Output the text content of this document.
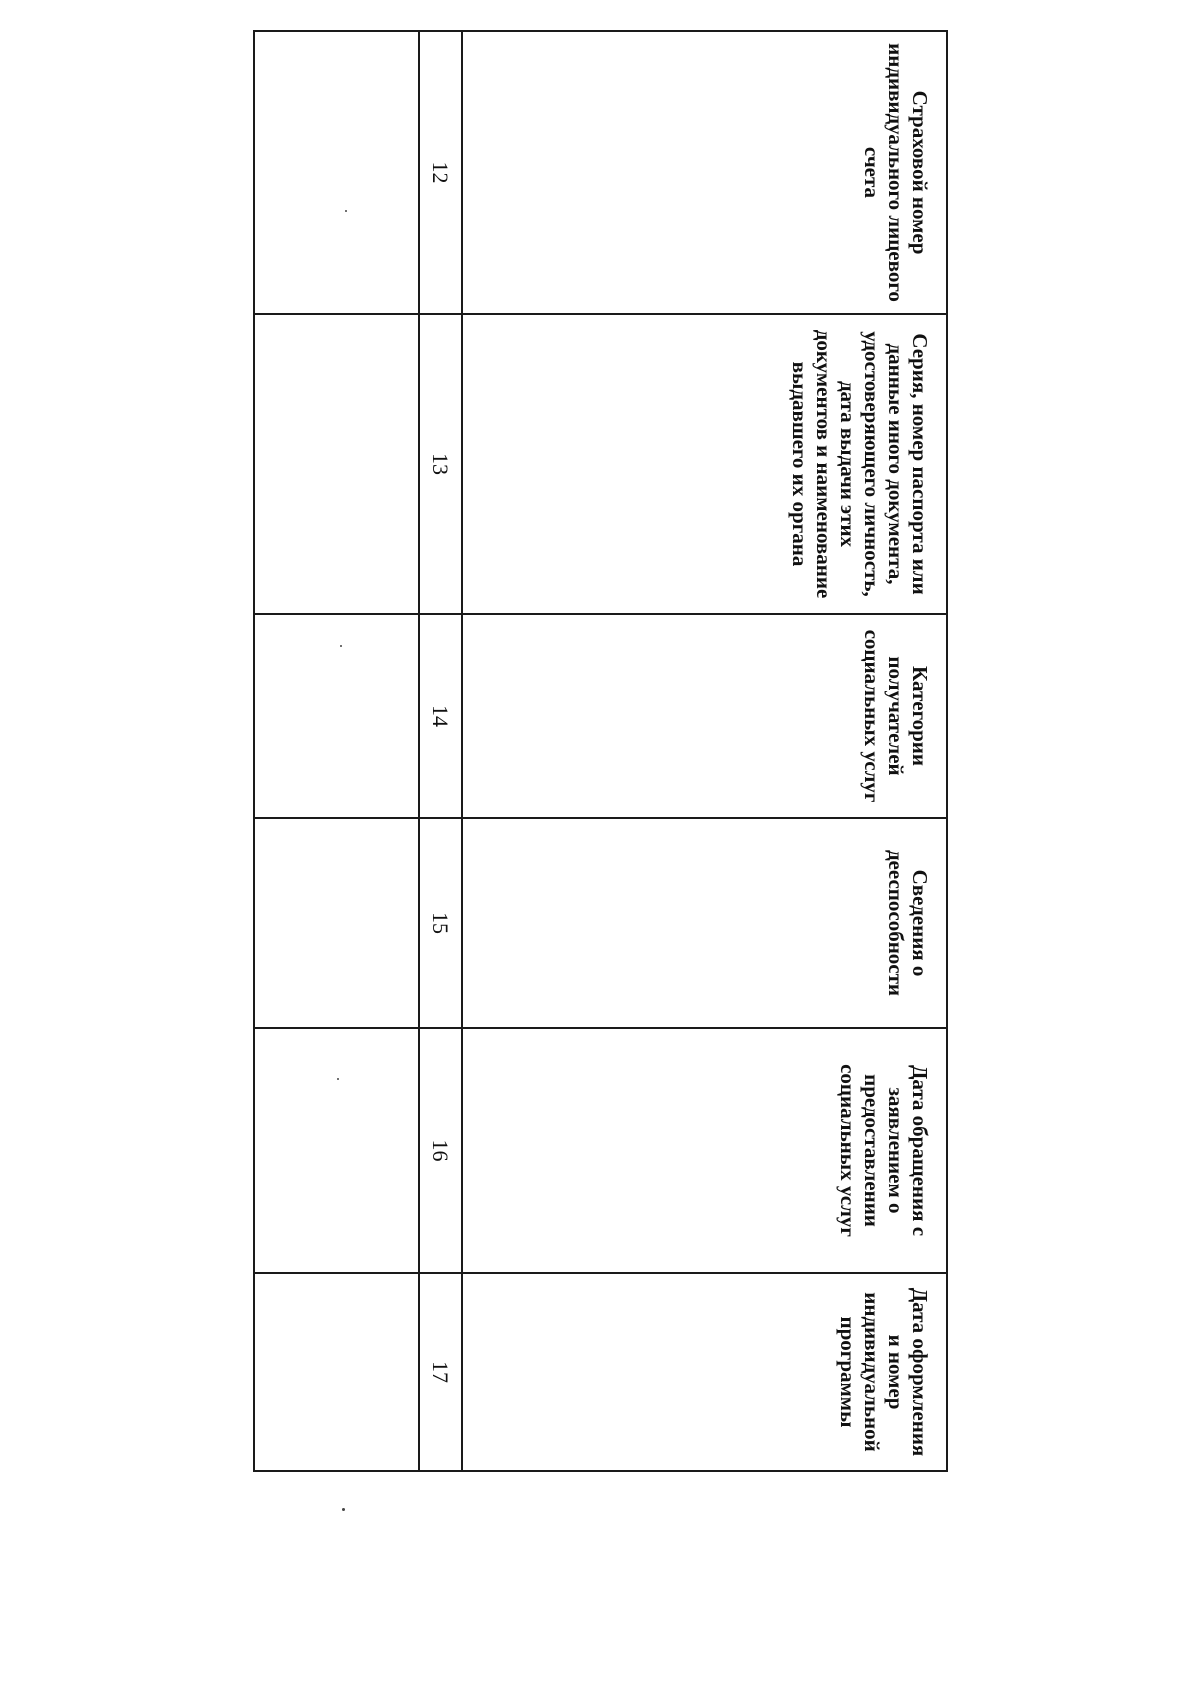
Страховой номер индивидуального лицевого счета	Серия, номер паспорта или данные иного документа, удостоверяющего личность, дата выдачи этих документов и наименование выдавшего их органа	Категории получателей социальных услуг	Сведения о дееспособности	Дата обращения с заявлением о предоставлении социальных услуг	Дата оформления и номер индивидуальной программы
12	13	14	15	16	17
